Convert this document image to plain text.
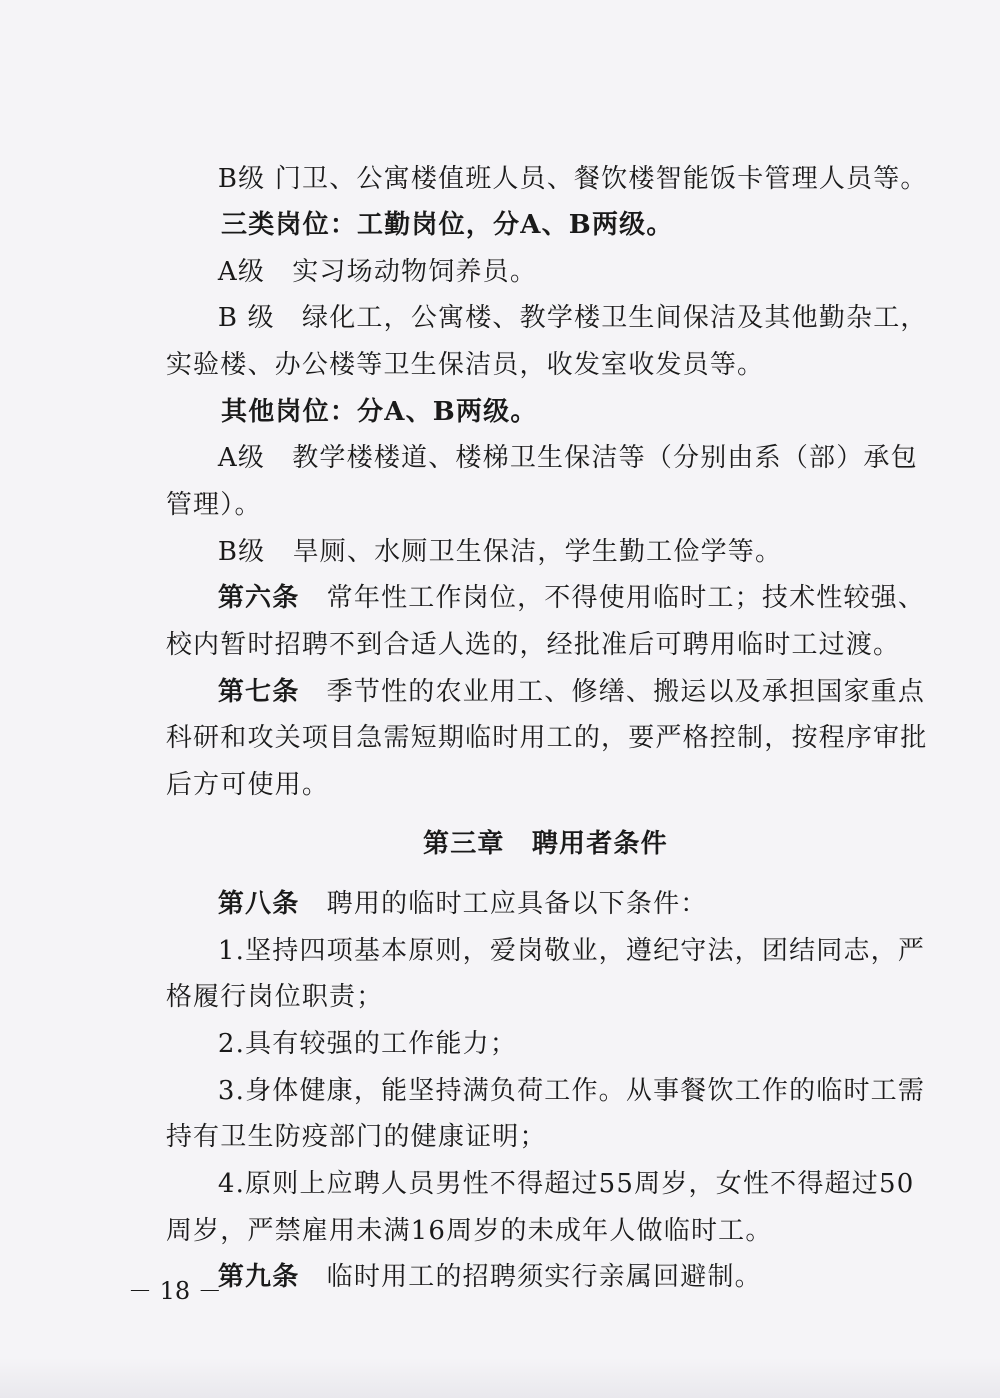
B级 门卫、公寓楼值班人员、餐饮楼智能饭卡管理人员等。

三类岗位：工勤岗位，分A、B两级。

A级　实习场动物饲养员。

B 级　绿化工，公寓楼、教学楼卫生间保洁及其他勤杂工，

实验楼、办公楼等卫生保洁员，收发室收发员等。

其他岗位：分A、B两级。

A级　教学楼楼道、楼梯卫生保洁等（分别由系（部）承包

管理）。

B级　旱厕、水厕卫生保洁，学生勤工俭学等。

第六条　常年性工作岗位，不得使用临时工；技术性较强、

校内暂时招聘不到合适人选的，经批准后可聘用临时工过渡。

第七条　季节性的农业用工、修缮、搬运以及承担国家重点

科研和攻关项目急需短期临时用工的，要严格控制，按程序审批

后方可使用。

第三章　聘用者条件

第八条　聘用的临时工应具备以下条件：

1.坚持四项基本原则，爱岗敬业，遵纪守法，团结同志，严

格履行岗位职责；

2.具有较强的工作能力；

3.身体健康，能坚持满负荷工作。从事餐饮工作的临时工需

持有卫生防疫部门的健康证明；

4.原则上应聘人员男性不得超过55周岁，女性不得超过50

周岁，严禁雇用未满16周岁的未成年人做临时工。

第九条　临时用工的招聘须实行亲属回避制。

－ 18 －
